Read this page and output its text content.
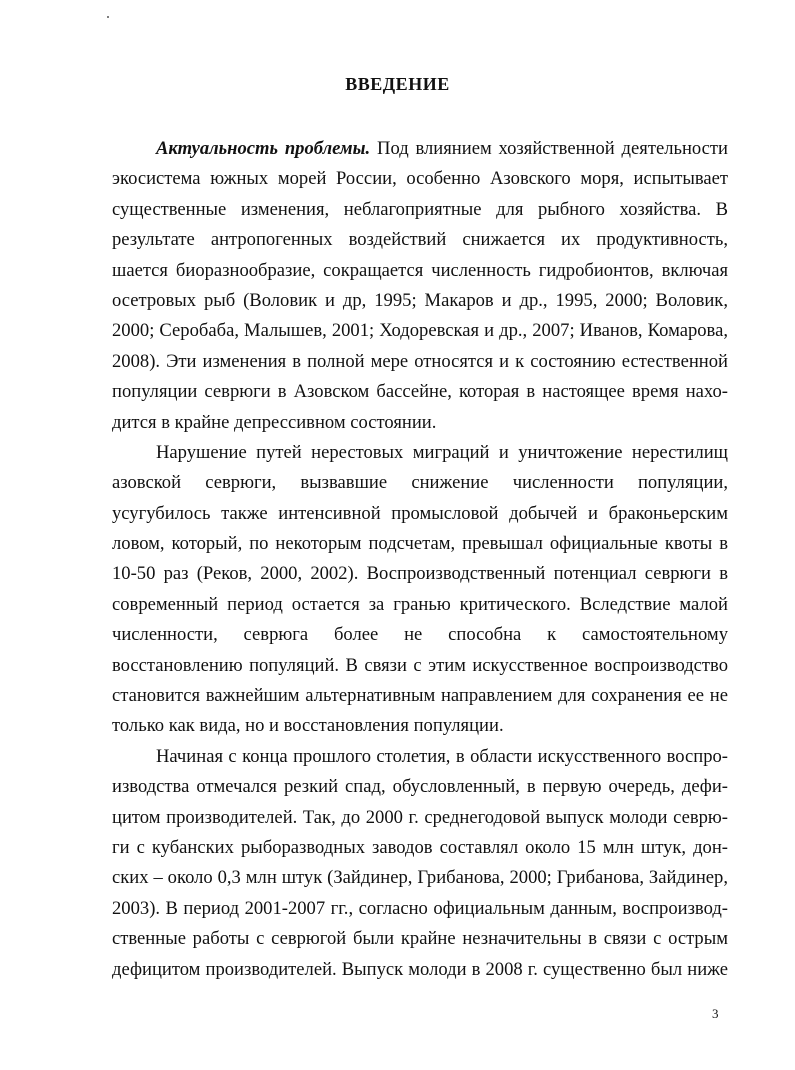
ВВЕДЕНИЕ
Актуальность проблемы. Под влиянием хозяйственной деятельности
экосистема южных морей России, особенно Азовского моря, испытывает
существенные изменения, неблагоприятные для рыбного хозяйства. В
результате антропогенных воздействий снижается их продуктивность,
шается биоразнообразие, сокращается численность гидробионтов, включая
осетровых рыб (Воловик и др, 1995; Макаров и др., 1995, 2000; Воловик,
2000; Серобаба, Малышев, 2001; Ходоревская и др., 2007; Иванов, Комарова,
2008). Эти изменения в полной мере относятся и к состоянию естественной
популяции севрюги в Азовском бассейне, которая в настоящее время нахо-
дится в крайне депрессивном состоянии.
Нарушение путей нерестовых миграций и уничтожение нерестилищ
азовской севрюги, вызвавшие снижение численности популяции,
усугубилось также интенсивной промысловой добычей и браконьерским
ловом, который, по некоторым подсчетам, превышал официальные квоты в
10-50 раз (Реков, 2000, 2002). Воспроизводственный потенциал севрюги в
современный период остается за гранью критического. Вследствие малой
численности, севрюга более не способна к самостоятельному
восстановлению популяций. В связи с этим искусственное воспроизводство
становится важнейшим альтернативным направлением для сохранения ее не
только как вида, но и восстановления популяции.
Начиная с конца прошлого столетия, в области искусственного воспро-
изводства отмечался резкий спад, обусловленный, в первую очередь, дефи-
цитом производителей. Так, до 2000 г. среднегодовой выпуск молоди севрю-
ги с кубанских рыборазводных заводов составлял около 15 млн штук, дон-
ских – около 0,3 млн штук (Зайдинер, Грибанова, 2000; Грибанова, Зайдинер,
2003). В период 2001-2007 гг., согласно официальным данным, воспроизвод-
ственные работы с севрюгой были крайне незначительны в связи с острым
дефицитом производителей. Выпуск молоди в 2008 г. существенно был ниже
3
